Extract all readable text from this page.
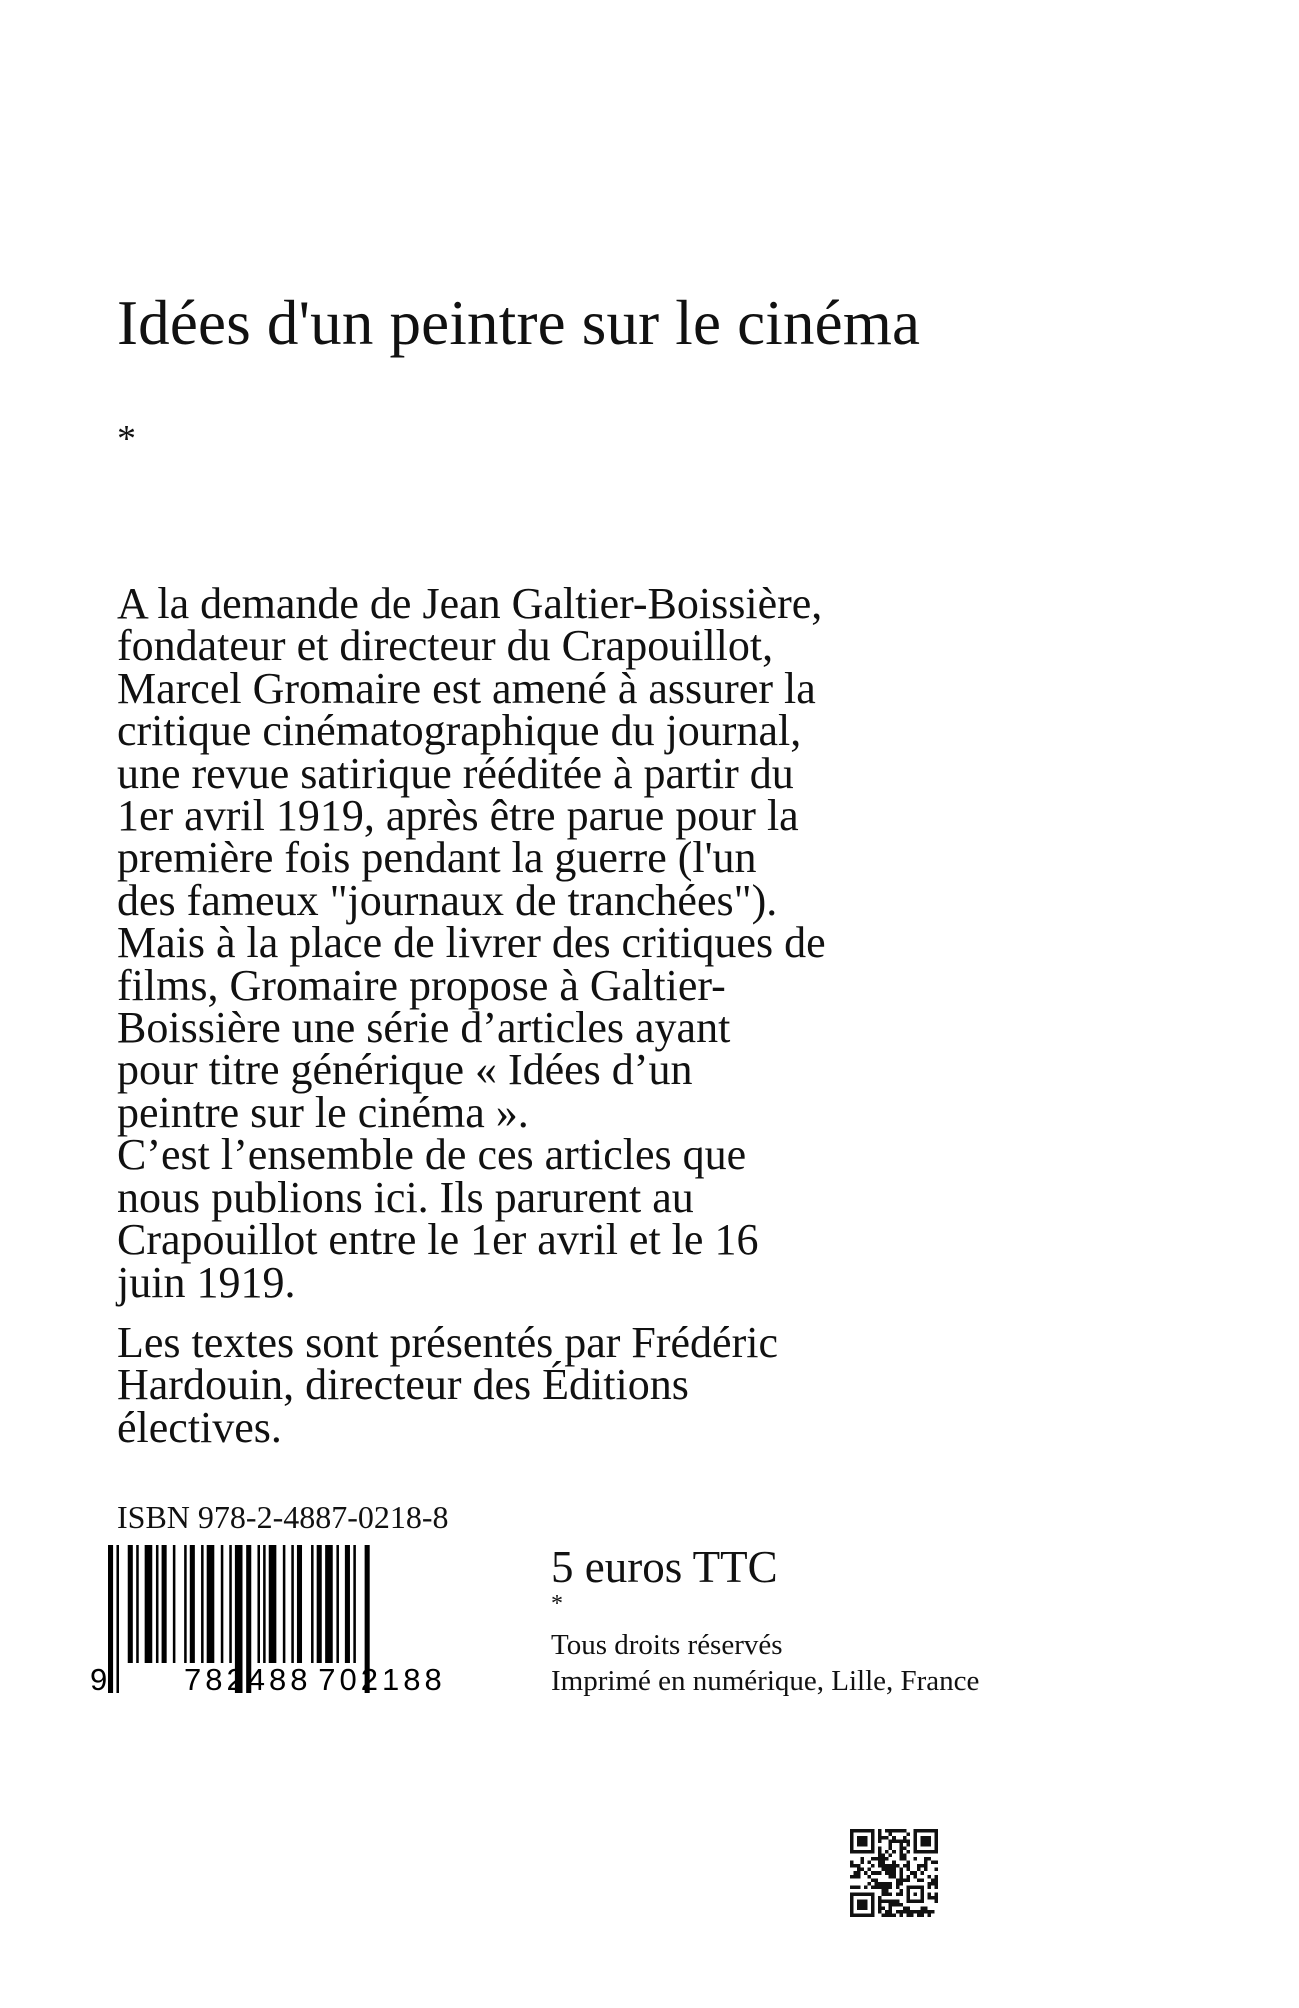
Idées d'un peintre sur le cinéma
*
A la demande de Jean Galtier-Boissière,
fondateur et directeur du Crapouillot,
Marcel Gromaire est amené à assurer la
critique cinématographique du journal,
une revue satirique rééditée à partir du
1er avril 1919, après être parue pour la
première fois pendant la guerre (l'un
des fameux "journaux de tranchées").
Mais à la place de livrer des critiques de
films, Gromaire propose à Galtier-
Boissière une série d’articles ayant
pour titre générique « Idées d’un
peintre sur le cinéma ».
C’est l’ensemble de ces articles que
nous publions ici. Ils parurent au
Crapouillot entre le 1er avril et le 16
juin 1919.
Les textes sont présentés par Frédéric
Hardouin, directeur des Éditions
électives.
ISBN 978-2-4887-0218-8
9 782488 702188
5 euros TTC
*
Tous droits réservés
Imprimé en numérique, Lille, France
